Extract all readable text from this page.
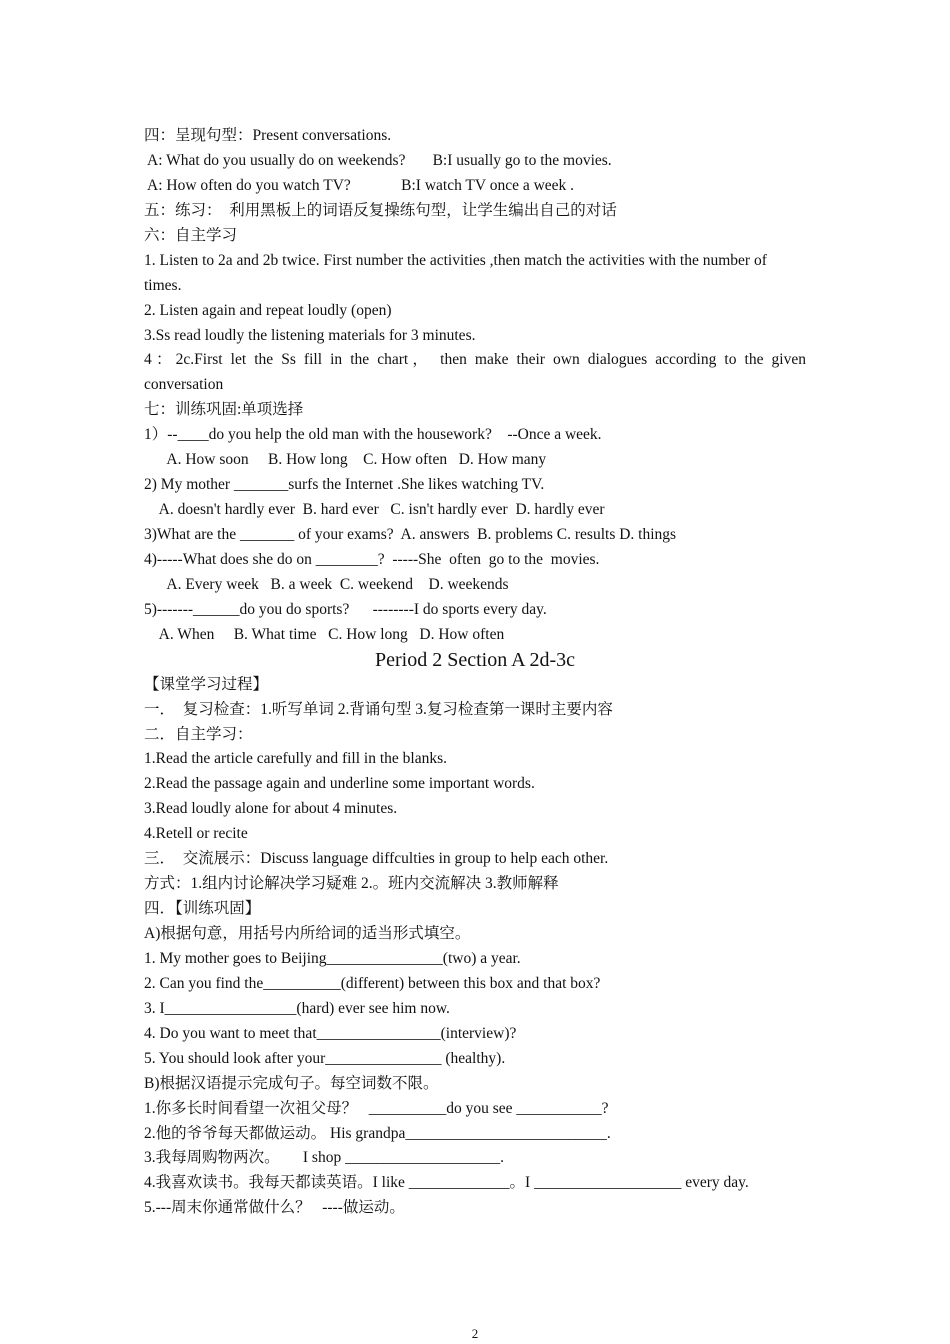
四：呈现句型：Present conversations.
A: What do you usually do on weekends?       B:I usually go to the movies.
A: How often do you watch TV?             B:I watch TV once a week .
五：练习：  利用黑板上的词语反复操练句型，让学生编出自己的对话
六：自主学习
1. Listen to 2a and 2b twice. First number the activities ,then match the activities with the number of times.
2. Listen again and repeat loudly (open)
3.Ss read loudly the listening materials for 3 minutes.
4：2c.First let the Ss fill in the chart， then make their own dialogues according to the given
conversation
七：训练巩固:单项选择
1）--____do you help the old man with the housework?    --Once a week.
A. How soon     B. How long    C. How often   D. How many
2) My mother _______surfs the Internet .She likes watching TV.
A. doesn't hardly ever  B. hard ever   C. isn't hardly ever  D. hardly ever
3)What are the _______ of your exams?  A. answers  B. problems C. results D. things
4)-----What does she do on ________?  -----She  often  go to the  movies.
A. Every week   B. a week  C. weekend    D. weekends
5)-------______do you do sports?      --------I do sports every day.
A. When     B. What time   C. How long   D. How often
Period 2 Section A 2d-3c
【课堂学习过程】
一．  复习检查：1.听写单词 2.背诵句型 3.复习检查第一课时主要内容
二．自主学习：
1.Read the article carefully and fill in the blanks.
2.Read the passage again and underline some important words.
3.Read loudly alone for about 4 minutes.
4.Retell or recite
三．  交流展示：Discuss language diffculties in group to help each other.
方式：1.组内讨论解决学习疑难 2.。班内交流解决 3.教师解释
四．【训练巩固】
A)根据句意，用括号内所给词的适当形式填空。
1. My mother goes to Beijing_______________(two) a year.
2. Can you find the__________(different) between this box and that box?
3. I_________________(hard) ever see him now.
4. Do you want to meet that________________(interview)?
5. You should look after your_______________ (healthy).
B)根据汉语提示完成句子。每空词数不限。
1.你多长时间看望一次祖父母？   __________do you see ___________?
2.他的爷爷每天都做运动。 His grandpa__________________________.
3.我每周购物两次。      I shop ____________________.
4.我喜欢读书。我每天都读英语。I like _____________。I ___________________ every day.
5.---周末你通常做什么？   ----做运动。
2
